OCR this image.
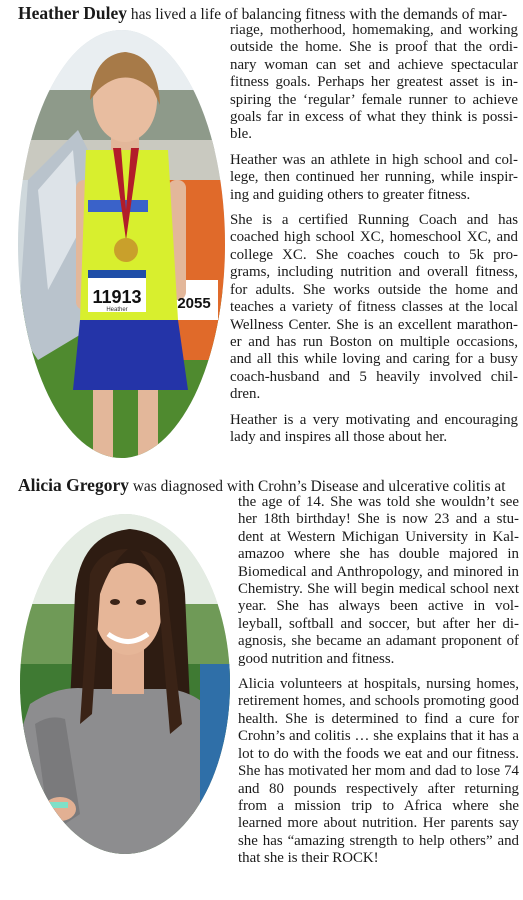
Heather Duley has lived a life of balancing fitness with the demands of mar-
11913
Heather	2055

riage, motherhood, homemaking, and working outside the home. She is proof that the ordi- nary woman can set and achieve spectacular fitness goals. Perhaps her greatest asset is in- spiring the ‘regular’ female runner to achieve goals far in excess of what they think is possi- ble.

Heather was an athlete in high school and col- lege, then continued her running, while inspir- ing and guiding others to greater fitness.

She is a certified Running Coach and has coached high school XC, homeschool XC, and college XC. She coaches couch to 5k pro- grams, including nutrition and overall fitness, for adults. She works outside the home and teaches a variety of fitness classes at the local Wellness Center. She is an excellent marathon- er and has run Boston on multiple occasions, and all this while loving and caring for a busy coach-husband and 5 heavily involved chil- dren.

Heather is a very motivating and encouraging lady and inspires all those about her.

Alicia Gregory was diagnosed with Crohn’s Disease and ulcerative colitis at

the age of 14. She was told she wouldn’t see her 18th birthday! She is now 23 and a stu- dent at Western Michigan University in Kal- amazoo where she has double majored in Biomedical and Anthropology, and minored in Chemistry. She will begin medical school next year. She has always been active in vol- leyball, softball and soccer, but after her di- agnosis, she became an adamant proponent of good nutrition and fitness.

Alicia volunteers at hospitals, nursing homes, retirement homes, and schools promoting good health. She is determined to find a cure for Crohn’s and colitis … she explains that it has a lot to do with the foods we eat and our fitness. She has motivated her mom and dad to lose 74 and 80 pounds respectively after returning from a mission trip to Africa where she learned more about nutrition. Her parents say she has “amazing strength to help others” and that she is their ROCK!
